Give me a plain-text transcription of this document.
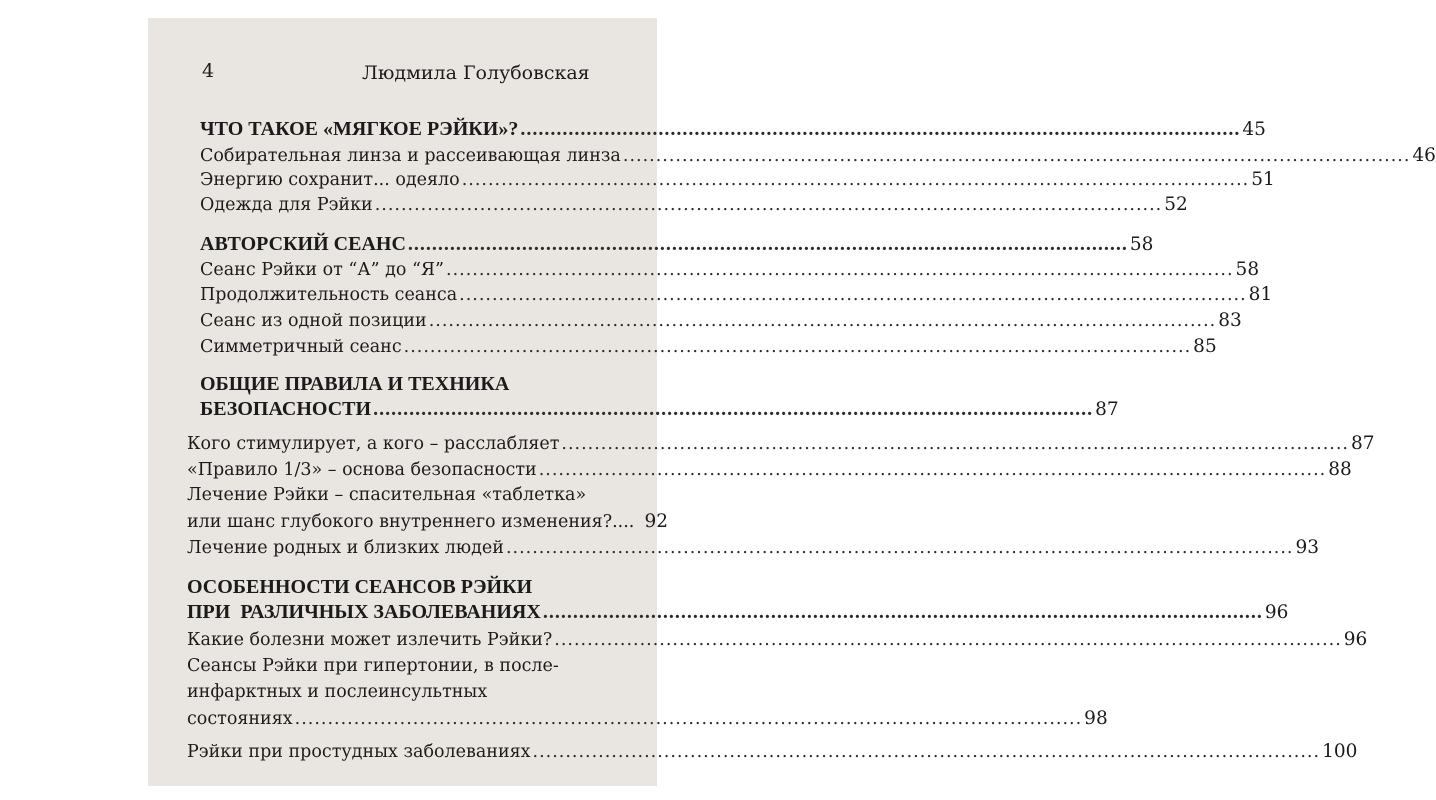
4	Людмила Голубовская
ЧТО ТАКОЕ «МЯГКОЕ РЭЙКИ»? ........................................................................................................................ 45
Собирательная линза и рассеивающая линза ........................................................................................................................ 46
Энергию сохранит... одеяло ........................................................................................................................ 51
Одежда для Рэйки ........................................................................................................................ 52
АВТОРСКИЙ СЕАНС ........................................................................................................................ 58
Сеанс Рэйки от “А” до “Я” ........................................................................................................................ 58
Продолжительность сеанса ........................................................................................................................ 81
Сеанс из одной позиции ........................................................................................................................ 83
Симметричный сеанс ........................................................................................................................ 85
ОБЩИЕ ПРАВИЛА И ТЕХНИКА
БЕЗОПАСНОСТИ ........................................................................................................................ 87
Кого стимулирует, а кого – расслабляет ........................................................................................................................ 87
«Правило 1/3» – основа безопасности ........................................................................................................................ 88
Лечение Рэйки – спасительная «таблетка»
или шанс глубокого внутреннего изменения? .... 92
Лечение родных и близких людей ........................................................................................................................ 93
ОСОБЕННОСТИ СЕАНСОВ РЭЙКИ
ПРИ  РАЗЛИЧНЫХ ЗАБОЛЕВАНИЯХ ........................................................................................................................ 96
Какие болезни может излечить Рэйки? ........................................................................................................................ 96
Сеансы Рэйки при гипертонии, в после-
инфарктных и послеинсультных
состояниях ........................................................................................................................ 98
Рэйки при простудных заболеваниях ........................................................................................................................ 100
